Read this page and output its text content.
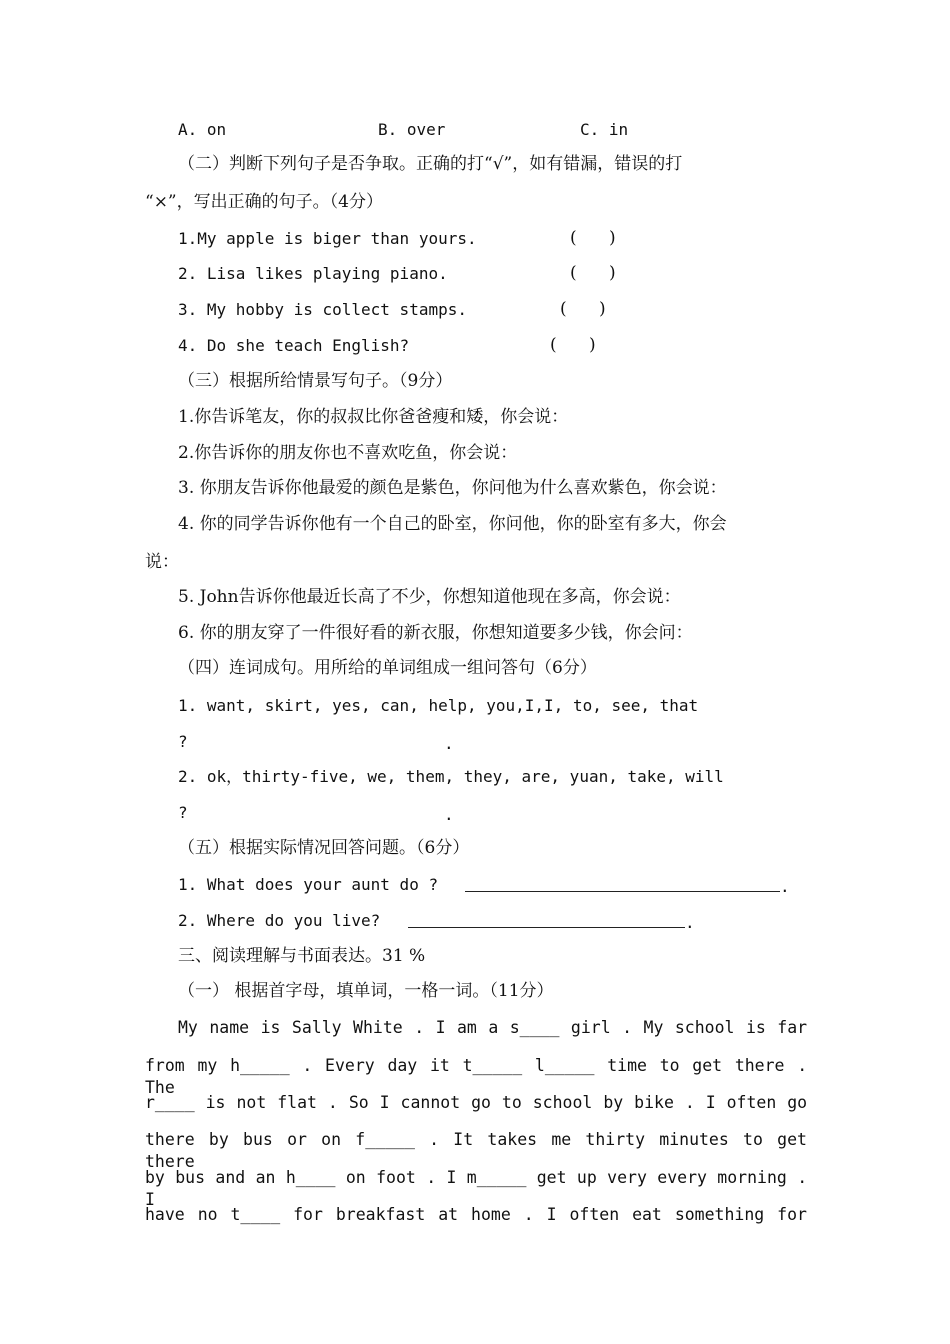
A. on	B. over	C. in
（二）判断下列句子是否争取。正确的打“√”，如有错漏，错误的打
“×”，写出正确的句子。（4分）
1.My apple is biger than yours.	(      )
2. Lisa likes playing piano.	(      )
3. My hobby is collect stamps.	(      )
4. Do she teach English?	(      )
（三）根据所给情景写句子。（9分）
1.你告诉笔友，你的叔叔比你爸爸瘦和矮，你会说：
2.你告诉你的朋友你也不喜欢吃鱼，你会说：
3. 你朋友告诉你他最爱的颜色是紫色，你问他为什么喜欢紫色，你会说：
4. 你的同学告诉你他有一个自己的卧室，你问他，你的卧室有多大，你会
说：
5. John告诉你他最近长高了不少，你想知道他现在多高，你会说：
6. 你的朋友穿了一件很好看的新衣服，你想知道要多少钱，你会问：
（四）连词成句。用所给的单词组成一组问答句（6分）
1. want, skirt, yes, can, help, you,I,I, to, see, that
?	.
2. ok，thirty-five, we, them, they, are, yuan, take, will
?	.
（五）根据实际情况回答问题。（6分）
1. What does your aunt do ?	.
2. Where do you live?	.
三、阅读理解与书面表达。31 %
（一） 根据首字母，填单词，一格一词。（11分）
My name is Sally White . I am a s____ girl . My school is far
from my h_____ . Every day it t_____ l_____ time to get there . The
r____ is not flat . So I cannot go to school by bike . I often go
there by bus or on f_____ . It takes me thirty minutes to get there
by bus and an h____ on foot . I m_____ get up very every morning . I
have no t____ for breakfast at home . I often eat something for
